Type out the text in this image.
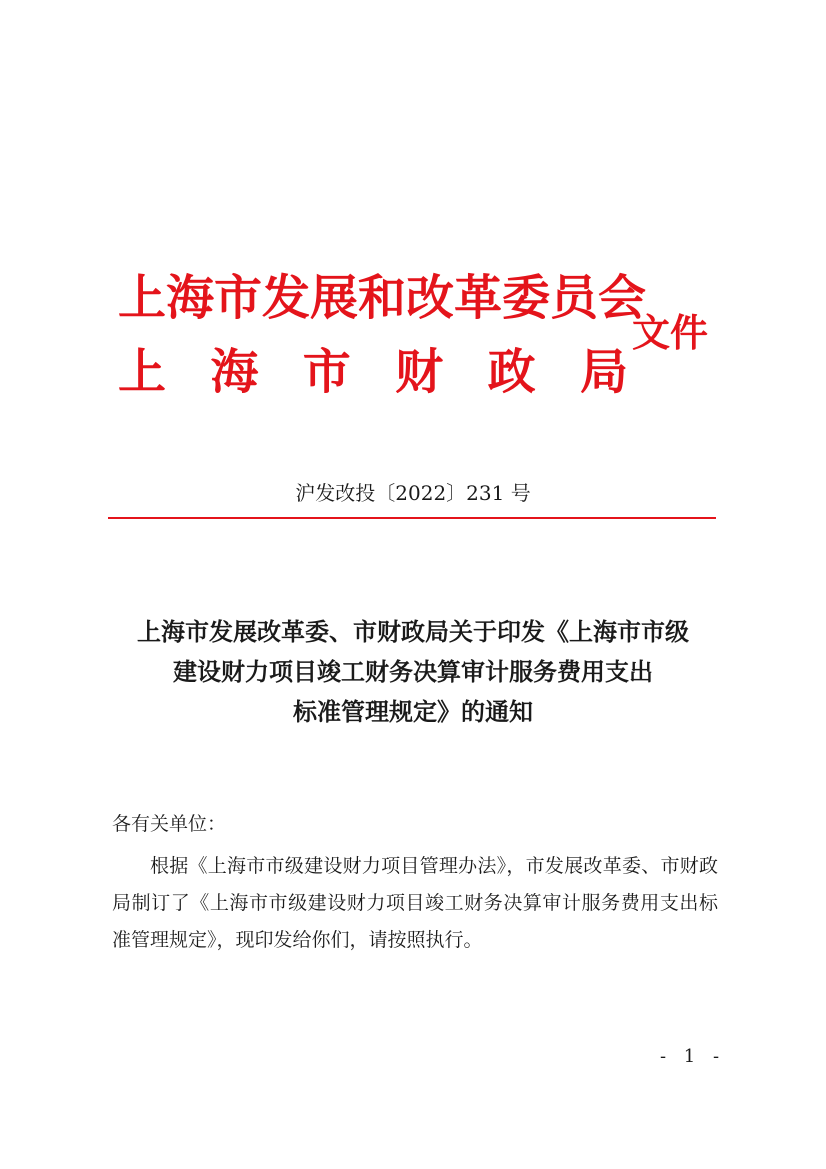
上海市发展和改革委员会
上 海 市 财 政 局
文件
沪发改投〔2022〕231 号
上海市发展改革委、市财政局关于印发《上海市市级
建设财力项目竣工财务决算审计服务费用支出
标准管理规定》的通知
各有关单位：
根据《上海市市级建设财力项目管理办法》，市发展改革委、市财政局制订了《上海市市级建设财力项目竣工财务决算审计服务费用支出标准管理规定》，现印发给你们，请按照执行。
- 1 -
